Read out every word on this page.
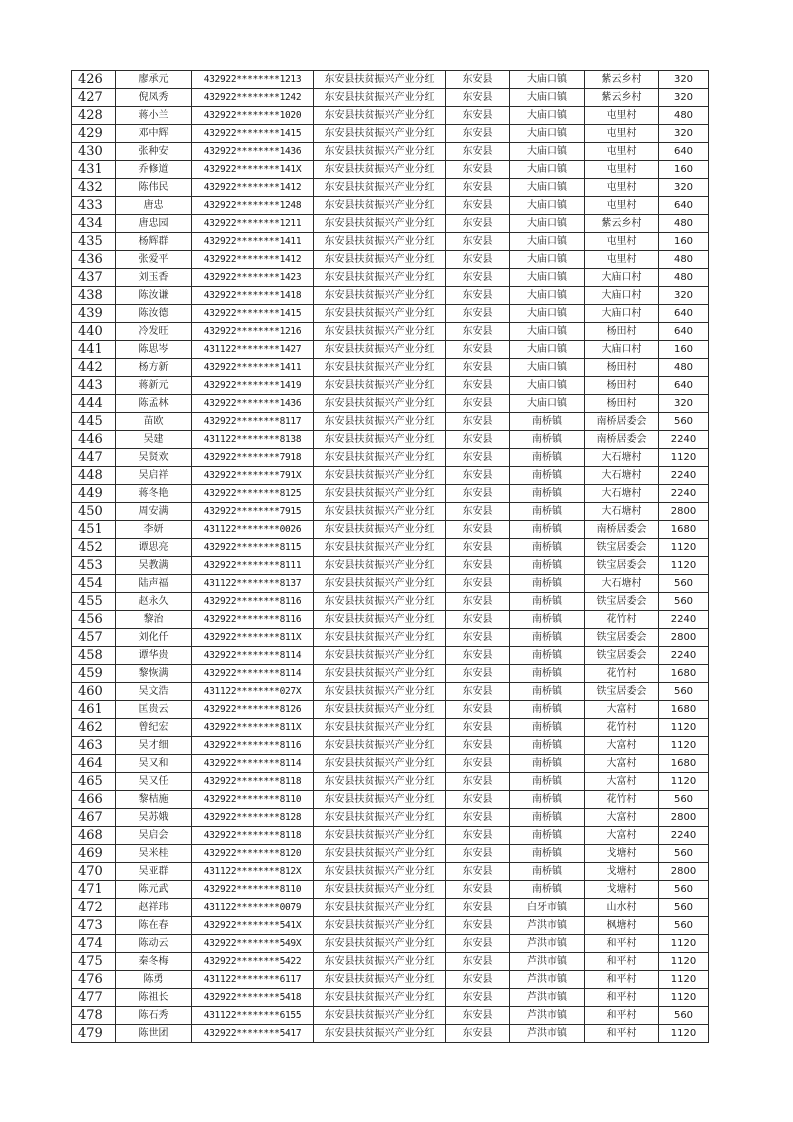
426	廖承元	432922********1213	东安县扶贫振兴产业分红	东安县	大庙口镇	紫云乡村	320
427	倪凤秀	432922********1242	东安县扶贫振兴产业分红	东安县	大庙口镇	紫云乡村	320
428	蒋小兰	432922********1020	东安县扶贫振兴产业分红	东安县	大庙口镇	屯里村	480
429	邓中辉	432922********1415	东安县扶贫振兴产业分红	东安县	大庙口镇	屯里村	320
430	张种安	432922********1436	东安县扶贫振兴产业分红	东安县	大庙口镇	屯里村	640
431	乔修道	432922********141X	东安县扶贫振兴产业分红	东安县	大庙口镇	屯里村	160
432	陈伟民	432922********1412	东安县扶贫振兴产业分红	东安县	大庙口镇	屯里村	320
433	唐忠	432922********1248	东安县扶贫振兴产业分红	东安县	大庙口镇	屯里村	640
434	唐忠园	432922********1211	东安县扶贫振兴产业分红	东安县	大庙口镇	紫云乡村	480
435	杨辉群	432922********1411	东安县扶贫振兴产业分红	东安县	大庙口镇	屯里村	160
436	张爱平	432922********1412	东安县扶贫振兴产业分红	东安县	大庙口镇	屯里村	480
437	刘玉香	432922********1423	东安县扶贫振兴产业分红	东安县	大庙口镇	大庙口村	480
438	陈汝谦	432922********1418	东安县扶贫振兴产业分红	东安县	大庙口镇	大庙口村	320
439	陈汝德	432922********1415	东安县扶贫振兴产业分红	东安县	大庙口镇	大庙口村	640
440	冷发旺	432922********1216	东安县扶贫振兴产业分红	东安县	大庙口镇	杨田村	640
441	陈思岑	431122********1427	东安县扶贫振兴产业分红	东安县	大庙口镇	大庙口村	160
442	杨方新	432922********1411	东安县扶贫振兴产业分红	东安县	大庙口镇	杨田村	480
443	蒋新元	432922********1419	东安县扶贫振兴产业分红	东安县	大庙口镇	杨田村	640
444	陈孟林	432922********1436	东安县扶贫振兴产业分红	东安县	大庙口镇	杨田村	320
445	苗欧	432922********8117	东安县扶贫振兴产业分红	东安县	南桥镇	南桥居委会	560
446	吴建	431122********8138	东安县扶贫振兴产业分红	东安县	南桥镇	南桥居委会	2240
447	吴贤欢	432922********7918	东安县扶贫振兴产业分红	东安县	南桥镇	大石塘村	1120
448	吴启祥	432922********791X	东安县扶贫振兴产业分红	东安县	南桥镇	大石塘村	2240
449	蒋冬艳	432922********8125	东安县扶贫振兴产业分红	东安县	南桥镇	大石塘村	2240
450	周安满	432922********7915	东安县扶贫振兴产业分红	东安县	南桥镇	大石塘村	2800
451	李妍	431122********0026	东安县扶贫振兴产业分红	东安县	南桥镇	南桥居委会	1680
452	谭思亮	432922********8115	东安县扶贫振兴产业分红	东安县	南桥镇	铁宝居委会	1120
453	吴教满	432922********8111	东安县扶贫振兴产业分红	东安县	南桥镇	铁宝居委会	1120
454	陆声福	431122********8137	东安县扶贫振兴产业分红	东安县	南桥镇	大石塘村	560
455	赵永久	432922********8116	东安县扶贫振兴产业分红	东安县	南桥镇	铁宝居委会	560
456	黎治	432922********8116	东安县扶贫振兴产业分红	东安县	南桥镇	花竹村	2240
457	刘化仟	432922********811X	东安县扶贫振兴产业分红	东安县	南桥镇	铁宝居委会	2800
458	谭华贵	432922********8114	东安县扶贫振兴产业分红	东安县	南桥镇	铁宝居委会	2240
459	黎恢满	432922********8114	东安县扶贫振兴产业分红	东安县	南桥镇	花竹村	1680
460	吴文浩	431122********027X	东安县扶贫振兴产业分红	东安县	南桥镇	铁宝居委会	560
461	匡贵云	432922********8126	东安县扶贫振兴产业分红	东安县	南桥镇	大富村	1680
462	曾纪宏	432922********811X	东安县扶贫振兴产业分红	东安县	南桥镇	花竹村	1120
463	吴才细	432922********8116	东安县扶贫振兴产业分红	东安县	南桥镇	大富村	1120
464	吴又和	432922********8114	东安县扶贫振兴产业分红	东安县	南桥镇	大富村	1680
465	吴又任	432922********8118	东安县扶贫振兴产业分红	东安县	南桥镇	大富村	1120
466	黎桔施	432922********8110	东安县扶贫振兴产业分红	东安县	南桥镇	花竹村	560
467	吴苏娥	432922********8128	东安县扶贫振兴产业分红	东安县	南桥镇	大富村	2800
468	吴启会	432922********8118	东安县扶贫振兴产业分红	东安县	南桥镇	大富村	2240
469	吴米桂	432922********8120	东安县扶贫振兴产业分红	东安县	南桥镇	戈塘村	560
470	吴亚群	431122********812X	东安县扶贫振兴产业分红	东安县	南桥镇	戈塘村	2800
471	陈元武	432922********8110	东安县扶贫振兴产业分红	东安县	南桥镇	戈塘村	560
472	赵祥玮	431122********0079	东安县扶贫振兴产业分红	东安县	白牙市镇	山水村	560
473	陈在春	432922********541X	东安县扶贫振兴产业分红	东安县	芦洪市镇	枫塘村	560
474	陈动云	432922********549X	东安县扶贫振兴产业分红	东安县	芦洪市镇	和平村	1120
475	秦冬梅	432922********5422	东安县扶贫振兴产业分红	东安县	芦洪市镇	和平村	1120
476	陈勇	431122********6117	东安县扶贫振兴产业分红	东安县	芦洪市镇	和平村	1120
477	陈祖长	432922********5418	东安县扶贫振兴产业分红	东安县	芦洪市镇	和平村	1120
478	陈石秀	431122********6155	东安县扶贫振兴产业分红	东安县	芦洪市镇	和平村	560
479	陈世团	432922********5417	东安县扶贫振兴产业分红	东安县	芦洪市镇	和平村	1120
